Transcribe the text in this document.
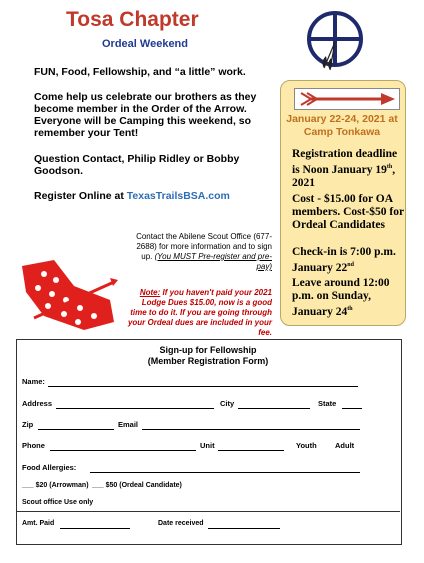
Tosa Chapter
Ordeal Weekend
FUN, Food, Fellowship, and “a little” work.
Come help us celebrate our brothers as they become member in the Order of the Arrow. Everyone will be Camping this weekend, so remember your Tent!
Question Contact, Philip Ridley or Bobby Goodson.
Register Online at TexasTrailsBSA.com
Contact the Abilene Scout Office (677-2688) for more information and to sign up. (You MUST Pre-register and pre-pay)
Note: If you haven't paid your 2021 Lodge Dues $15.00, now is a good time to do it. If you are going through your Ordeal dues are included in your fee.
January 22-24, 2021 at Camp Tonkawa
Registration deadline is Noon January 19th, 2021
Cost - $15.00 for OA members. Cost-$50 for Ordeal Candidates
Check-in is 7:00 p.m. January 22nd
Leave around 12:00 p.m. on Sunday, January 24th
Sign-up for Fellowship
(Member Registration Form)
Name:
Address	City	State
Zip	Email
Phone	Unit	Youth Adult
Food Allergies:
___ $20 (Arrowman) ___ $50 (Ordeal Candidate)
Scout office Use only
Amt. Paid	Date received
